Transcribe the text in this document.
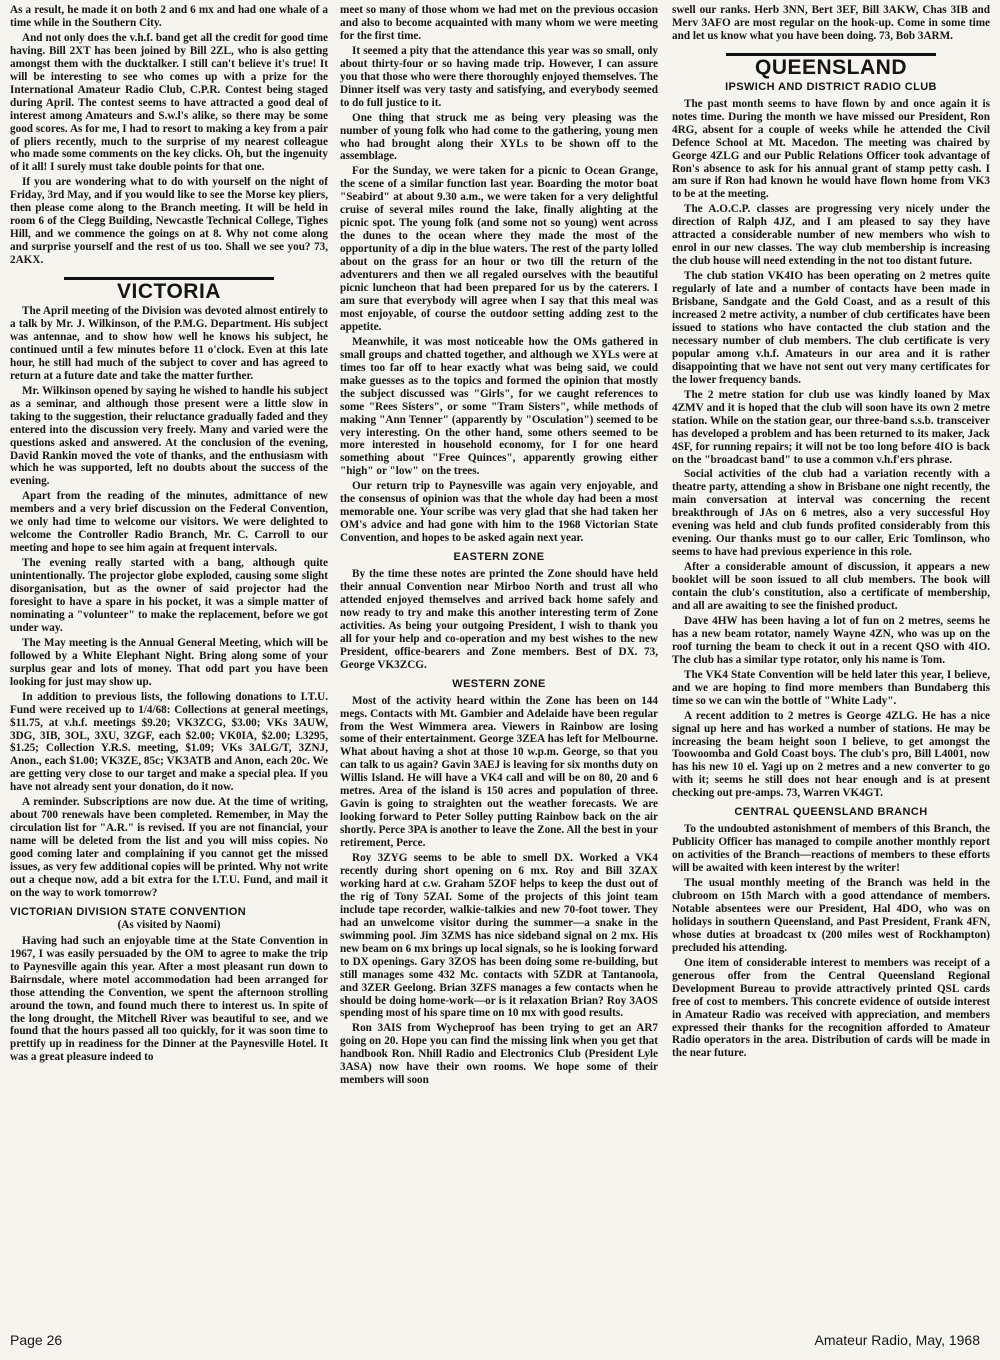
As a result, he made it on both 2 and 6 mx and had one whale of a time while in the Southern City.

And not only does the v.h.f. band get all the credit for good time having. Bill 2XT has been joined by Bill 2ZL, who is also getting amongst them with the ducktalker. I still can't believe it's true! It will be interesting to see who comes up with a prize for the International Amateur Radio Club, C.P.R. Contest being staged during April. The contest seems to have attracted a good deal of interest among Amateurs and S.w.l's alike, so there may be some good scores. As for me, I had to resort to making a key from a pair of pliers recently, much to the surprise of my nearest colleague who made some comments on the key clicks. Oh, but the ingenuity of it all! I surely must take double points for that one.

If you are wondering what to do with yourself on the night of Friday, 3rd May, and if you would like to see the Morse key pliers, then please come along to the Branch meeting. It will be held in room 6 of the Clegg Building, Newcastle Technical College, Tighes Hill, and we commence the goings on at 8. Why not come along and surprise yourself and the rest of us too. Shall we see you? 73, 2AKX.

VICTORIA

The April meeting of the Division was devoted almost entirely to a talk by Mr. J. Wilkinson, of the P.M.G. Department. His subject was antennae, and to show how well he knows his subject, he continued until a few minutes before 11 o'clock. Even at this late hour, he still had much of the subject to cover and has agreed to return at a future date and take the matter further.

Mr. Wilkinson opened by saying he wished to handle his subject as a seminar, and although those present were a little slow in taking to the suggestion, their reluctance gradually faded and they entered into the discussion very freely. Many and varied were the questions asked and answered. At the conclusion of the evening, David Rankin moved the vote of thanks, and the enthusiasm with which he was supported, left no doubts about the success of the evening.

Apart from the reading of the minutes, admittance of new members and a very brief discussion on the Federal Convention, we only had time to welcome our visitors. We were delighted to welcome the Controller Radio Branch, Mr. C. Carroll to our meeting and hope to see him again at frequent intervals.

The evening really started with a bang, although quite unintentionally. The projector globe exploded, causing some slight disorganisation, but as the owner of said projector had the foresight to have a spare in his pocket, it was a simple matter of nominating a "volunteer" to make the replacement, before we got under way.

The May meeting is the Annual General Meeting, which will be followed by a White Elephant Night. Bring along some of your surplus gear and lots of money. That odd part you have been looking for just may show up.

In addition to previous lists, the following donations to I.T.U. Fund were received up to 1/4/68: Collections at general meetings, $11.75, at v.h.f. meetings $9.20; VK3ZCG, $3.00; VKs 3AUW, 3DG, 3IB, 3OL, 3XU, 3ZGF, each $2.00; VK0IA, $2.00; L3295, $1.25; Collection Y.R.S. meeting, $1.09; VKs 3ALG/T, 3ZNJ, Anon., each $1.00; VK3ZE, 85c; VK3ATB and Anon, each 20c. We are getting very close to our target and make a special plea. If you have not already sent your donation, do it now.

A reminder. Subscriptions are now due. At the time of writing, about 700 renewals have been completed. Remember, in May the circulation list for "A.R." is revised. If you are not financial, your name will be deleted from the list and you will miss copies. No good coming later and complaining if you cannot get the missed issues, as very few additional copies will be printed. Why not write out a cheque now, add a bit extra for the I.T.U. Fund, and mail it on the way to work tomorrow?

VICTORIAN DIVISION STATE CONVENTION
(As visited by Naomi)

Having had such an enjoyable time at the State Convention in 1967, I was easily persuaded by the OM to agree to make the trip to Paynesville again this year. After a most pleasant run down to Bairnsdale, where motel accommodation had been arranged for those attending the Convention, we spent the afternoon strolling around the town, and found much there to interest us. In spite of the long drought, the Mitchell River was beautiful to see, and we found that the hours passed all too quickly, for it was soon time to prettify up in readiness for the Dinner at the Paynesville Hotel. It was a great pleasure indeed to

meet so many of those whom we had met on the previous occasion and also to become acquainted with many whom we were meeting for the first time.

It seemed a pity that the attendance this year was so small, only about thirty-four or so having made trip. However, I can assure you that those who were there thoroughly enjoyed themselves. The Dinner itself was very tasty and satisfying, and everybody seemed to do full justice to it.

One thing that struck me as being very pleasing was the number of young folk who had come to the gathering, young men who had brought along their XYLs to be shown off to the assemblage.

For the Sunday, we were taken for a picnic to Ocean Grange, the scene of a similar function last year. Boarding the motor boat "Seabird" at about 9.30 a.m., we were taken for a very delightful cruise of several miles round the lake, finally alighting at the picnic spot. The young folk (and some not so young) went across the dunes to the ocean where they made the most of the opportunity of a dip in the blue waters. The rest of the party lolled about on the grass for an hour or two till the return of the adventurers and then we all regaled ourselves with the beautiful picnic luncheon that had been prepared for us by the caterers. I am sure that everybody will agree when I say that this meal was most enjoyable, of course the outdoor setting adding zest to the appetite.

Meanwhile, it was most noticeable how the OMs gathered in small groups and chatted together, and although we XYLs were at times too far off to hear exactly what was being said, we could make guesses as to the topics and formed the opinion that mostly the subject discussed was "Girls", for we caught references to some "Rees Sisters", or some "Tram Sisters", while methods of making "Ann Tenner" (apparently by "Osculation") seemed to be very interesting. On the other hand, some others seemed to be more interested in household economy, for I for one heard something about "Free Quinces", apparently growing either "high" or "low" on the trees.

Our return trip to Paynesville was again very enjoyable, and the consensus of opinion was that the whole day had been a most memorable one. Your scribe was very glad that she had taken her OM's advice and had gone with him to the 1968 Victorian State Convention, and hopes to be asked again next year.

EASTERN ZONE

By the time these notes are printed the Zone should have held their annual Convention near Mirboo North and trust all who attended enjoyed themselves and arrived back home safely and now ready to try and make this another interesting term of Zone activities. As being your outgoing President, I wish to thank you all for your help and co-operation and my best wishes to the new President, office-bearers and Zone members. Best of DX. 73, George VK3ZCG.

WESTERN ZONE

Most of the activity heard within the Zone has been on 144 megs. Contacts with Mt. Gambier and Adelaide have been regular from the West Wimmera area. Viewers in Rainbow are losing some of their entertainment. George 3ZEA has left for Melbourne. What about having a shot at those 10 w.p.m. George, so that you can talk to us again? Gavin 3AEJ is leaving for six months duty on Willis Island. He will have a VK4 call and will be on 80, 20 and 6 metres. Area of the island is 150 acres and population of three. Gavin is going to straighten out the weather forecasts. We are looking forward to Peter Solley putting Rainbow back on the air shortly. Perce 3PA is another to leave the Zone. All the best in your retirement, Perce.

Roy 3ZYG seems to be able to smell DX. Worked a VK4 recently during short opening on 6 mx. Roy and Bill 3ZAX working hard at c.w. Graham 5ZOF helps to keep the dust out of the rig of Tony 5ZAI. Some of the projects of this joint team include tape recorder, walkie-talkies and new 70-foot tower. They had an unwelcome visitor during the summer—a snake in the swimming pool. Jim 3ZMS has nice sideband signal on 2 mx. His new beam on 6 mx brings up local signals, so he is looking forward to DX openings. Gary 3ZOS has been doing some re-building, but still manages some 432 Mc. contacts with 5ZDR at Tantanoola, and 3ZER Geelong. Brian 3ZFS manages a few contacts when he should be doing home-work—or is it relaxation Brian? Roy 3AOS spending most of his spare time on 10 mx with good results.

Ron 3AIS from Wycheproof has been trying to get an AR7 going on 20. Hope you can find the missing link when you get that handbook Ron. Nhill Radio and Electronics Club (President Lyle 3ASA) now have their own rooms. We hope some of their members will soon

swell our ranks. Herb 3NN, Bert 3EF, Bill 3AKW, Chas 3IB and Merv 3AFO are most regular on the hook-up. Come in some time and let us know what you have been doing. 73, Bob 3ARM.

QUEENSLAND
IPSWICH AND DISTRICT RADIO CLUB

The past month seems to have flown by and once again it is notes time. During the month we have missed our President, Ron 4RG, absent for a couple of weeks while he attended the Civil Defence School at Mt. Macedon. The meeting was chaired by George 4ZLG and our Public Relations Officer took advantage of Ron's absence to ask for his annual grant of stamp petty cash. I am sure if Ron had known he would have flown home from VK3 to be at the meeting.

The A.O.C.P. classes are progressing very nicely under the direction of Ralph 4JZ, and I am pleased to say they have attracted a considerable number of new members who wish to enrol in our new classes. The way club membership is increasing the club house will need extending in the not too distant future.

The club station VK4IO has been operating on 2 metres quite regularly of late and a number of contacts have been made in Brisbane, Sandgate and the Gold Coast, and as a result of this increased 2 metre activity, a number of club certificates have been issued to stations who have contacted the club station and the necessary number of club members. The club certificate is very popular among v.h.f. Amateurs in our area and it is rather disappointing that we have not sent out very many certificates for the lower frequency bands.

The 2 metre station for club use was kindly loaned by Max 4ZMV and it is hoped that the club will soon have its own 2 metre station. While on the station gear, our three-band s.s.b. transceiver has developed a problem and has been returned to its maker, Jack 4SF, for running repairs; it will not be too long before 4IO is back on the "broadcast band" to use a common v.h.f'ers phrase.

Social activities of the club had a variation recently with a theatre party, attending a show in Brisbane one night recently, the main conversation at interval was concerning the recent breakthrough of JAs on 6 metres, also a very successful Hoy evening was held and club funds profited considerably from this evening. Our thanks must go to our caller, Eric Tomlinson, who seems to have had previous experience in this role.

After a considerable amount of discussion, it appears a new booklet will be soon issued to all club members. The book will contain the club's constitution, also a certificate of membership, and all are awaiting to see the finished product.

Dave 4HW has been having a lot of fun on 2 metres, seems he has a new beam rotator, namely Wayne 4ZN, who was up on the roof turning the beam to check it out in a recent QSO with 4IO. The club has a similar type rotator, only his name is Tom.

The VK4 State Convention will be held later this year, I believe, and we are hoping to find more members than Bundaberg this time so we can win the bottle of "White Lady".

A recent addition to 2 metres is George 4ZLG. He has a nice signal up here and has worked a number of stations. He may be increasing the beam height soon I believe, to get amongst the Toowoomba and Gold Coast boys. The club's pro, Bill L4001, now has his new 10 el. Yagi up on 2 metres and a new converter to go with it; seems he still does not hear enough and is at present checking out pre-amps. 73, Warren VK4GT.

CENTRAL QUEENSLAND BRANCH

To the undoubted astonishment of members of this Branch, the Publicity Officer has managed to compile another monthly report on activities of the Branch—reactions of members to these efforts will be awaited with keen interest by the writer!

The usual monthly meeting of the Branch was held in the clubroom on 15th March with a good attendance of members. Notable absentees were our President, Hal 4DO, who was on holidays in southern Queensland, and Past President, Frank 4FN, whose duties at broadcast tx (200 miles west of Rockhampton) precluded his attending.

One item of considerable interest to members was receipt of a generous offer from the Central Queensland Regional Development Bureau to provide attractively printed QSL cards free of cost to members. This concrete evidence of outside interest in Amateur Radio was received with appreciation, and members expressed their thanks for the recognition afforded to Amateur Radio operators in the area. Distribution of cards will be made in the near future.

Page 26	Amateur Radio, May, 1968
